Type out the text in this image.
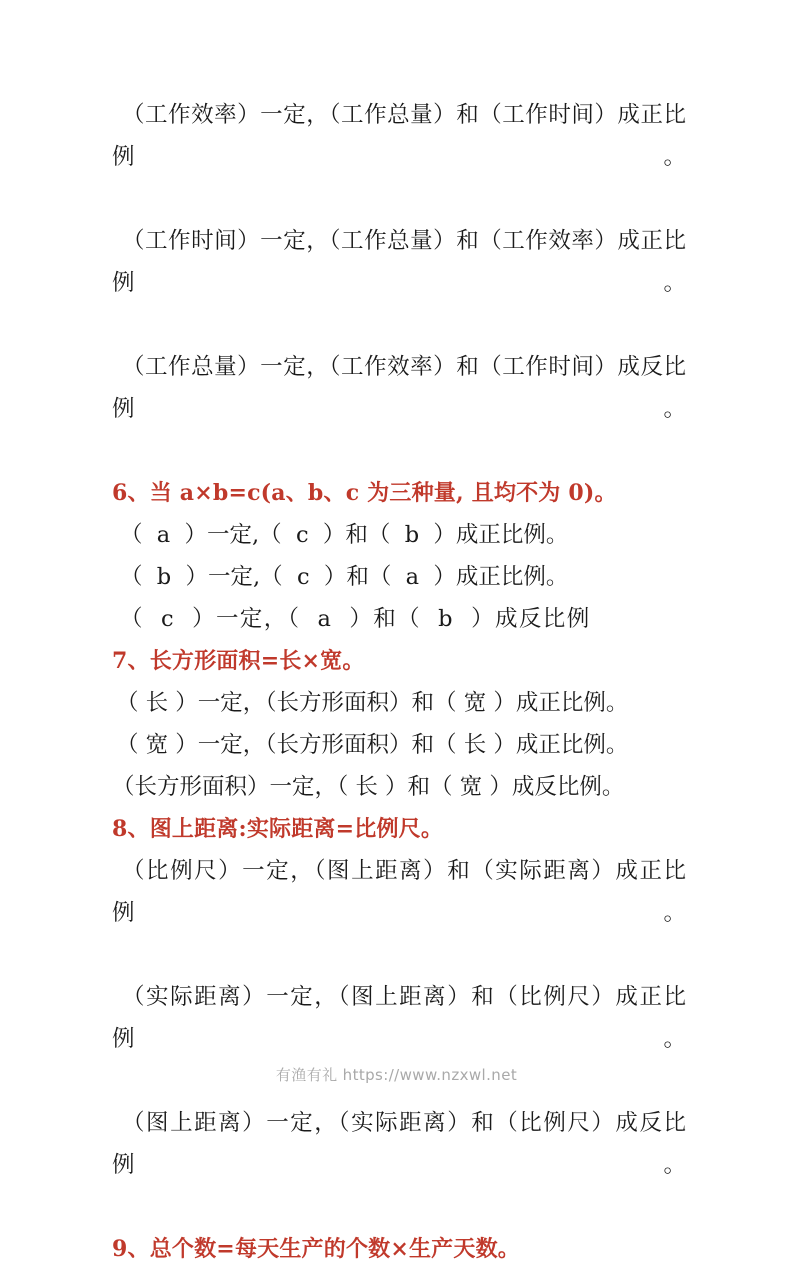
（工作效率）一定，（工作总量）和（工作时间）成正比例。

（工作时间）一定，（工作总量）和（工作效率）成正比例。

（工作总量）一定，（工作效率）和（工作时间）成反比例。

6、当 a×b=c(a、b、c 为三种量, 且均不为 0)。

（  a  ）一定,（  c  ）和（  b  ）成正比例。

（  b  ）一定,（  c  ）和（  a  ）成正比例。

（  c  ）一定，（  a  ）和（  b  ）成反比例

7、长方形面积=长×宽。

（ 长 ）一定，（长方形面积）和（ 宽 ）成正比例。

（ 宽 ）一定，（长方形面积）和（ 长 ）成正比例。

（长方形面积）一定，（ 长 ）和（ 宽 ）成反比例。

8、图上距离:实际距离=比例尺。

（比例尺）一定，（图上距离）和（实际距离）成正比例。

（实际距离）一定，（图上距离）和（比例尺）成正比例。

（图上距离）一定，（实际距离）和（比例尺）成反比例。

9、总个数=每天生产的个数×生产天数。

有渔有礼 https://www.nzxwl.net
